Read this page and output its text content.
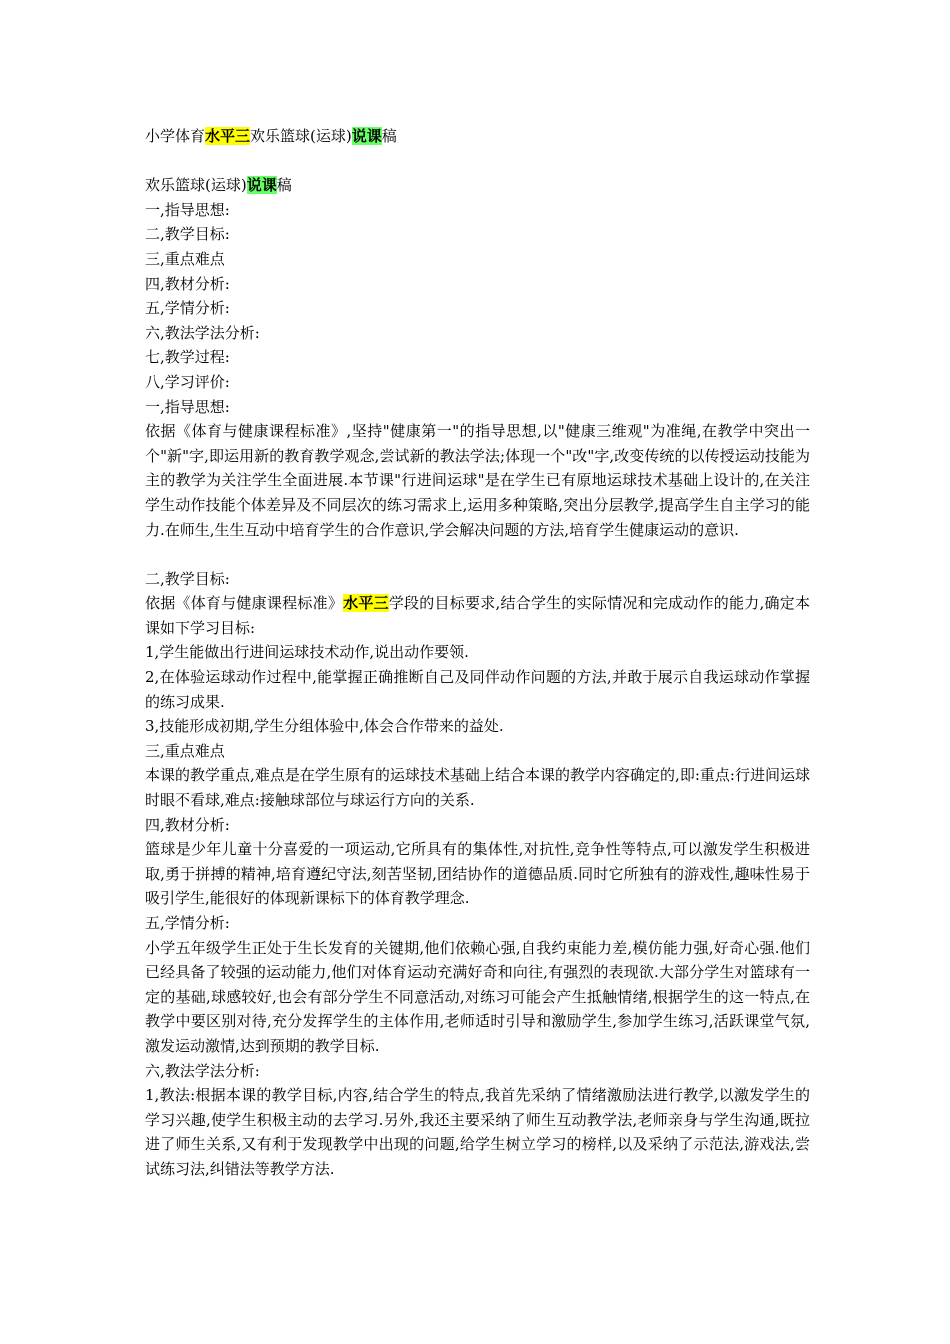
小学体育水平三欢乐篮球(运球)说课稿

欢乐篮球(运球)说课稿

一,指导思想:

二,教学目标:

三,重点难点

四,教材分析:

五,学情分析:

六,教法学法分析:

七,教学过程:

八,学习评价:

一,指导思想:

依据《体育与健康课程标准》,坚持"健康第一"的指导思想,以"健康三维观"为准绳,在教学中突出一个"新"字,即运用新的教育教学观念,尝试新的教法学法;体现一个"改"字,改变传统的以传授运动技能为主的教学为关注学生全面进展.本节课"行进间运球"是在学生已有原地运球技术基础上设计的,在关注学生动作技能个体差异及不同层次的练习需求上,运用多种策略,突出分层教学,提高学生自主学习的能力.在师生,生生互动中培育学生的合作意识,学会解决问题的方法,培育学生健康运动的意识.

二,教学目标:

依据《体育与健康课程标准》水平三学段的目标要求,结合学生的实际情况和完成动作的能力,确定本课如下学习目标:

1,学生能做出行进间运球技术动作,说出动作要领.

2,在体验运球动作过程中,能掌握正确推断自己及同伴动作问题的方法,并敢于展示自我运球动作掌握的练习成果.

3,技能形成初期,学生分组体验中,体会合作带来的益处.

三,重点难点

本课的教学重点,难点是在学生原有的运球技术基础上结合本课的教学内容确定的,即:重点:行进间运球时眼不看球,难点:接触球部位与球运行方向的关系.

四,教材分析:

篮球是少年儿童十分喜爱的一项运动,它所具有的集体性,对抗性,竞争性等特点,可以激发学生积极进取,勇于拼搏的精神,培育遵纪守法,刻苦坚韧,团结协作的道德品质.同时它所独有的游戏性,趣味性易于吸引学生,能很好的体现新课标下的体育教学理念.

五,学情分析:

小学五年级学生正处于生长发育的关键期,他们依赖心强,自我约束能力差,模仿能力强,好奇心强.他们已经具备了较强的运动能力,他们对体育运动充满好奇和向往,有强烈的表现欲.大部分学生对篮球有一定的基础,球感较好,也会有部分学生不同意活动,对练习可能会产生抵触情绪,根据学生的这一特点,在教学中要区别对待,充分发挥学生的主体作用,老师适时引导和激励学生,参加学生练习,活跃课堂气氛,激发运动激情,达到预期的教学目标.

六,教法学法分析:

1,教法:根据本课的教学目标,内容,结合学生的特点,我首先采纳了情绪激励法进行教学,以激发学生的学习兴趣,使学生积极主动的去学习.另外,我还主要采纳了师生互动教学法,老师亲身与学生沟通,既拉进了师生关系,又有利于发现教学中出现的问题,给学生树立学习的榜样,以及采纳了示范法,游戏法,尝试练习法,纠错法等教学方法.
